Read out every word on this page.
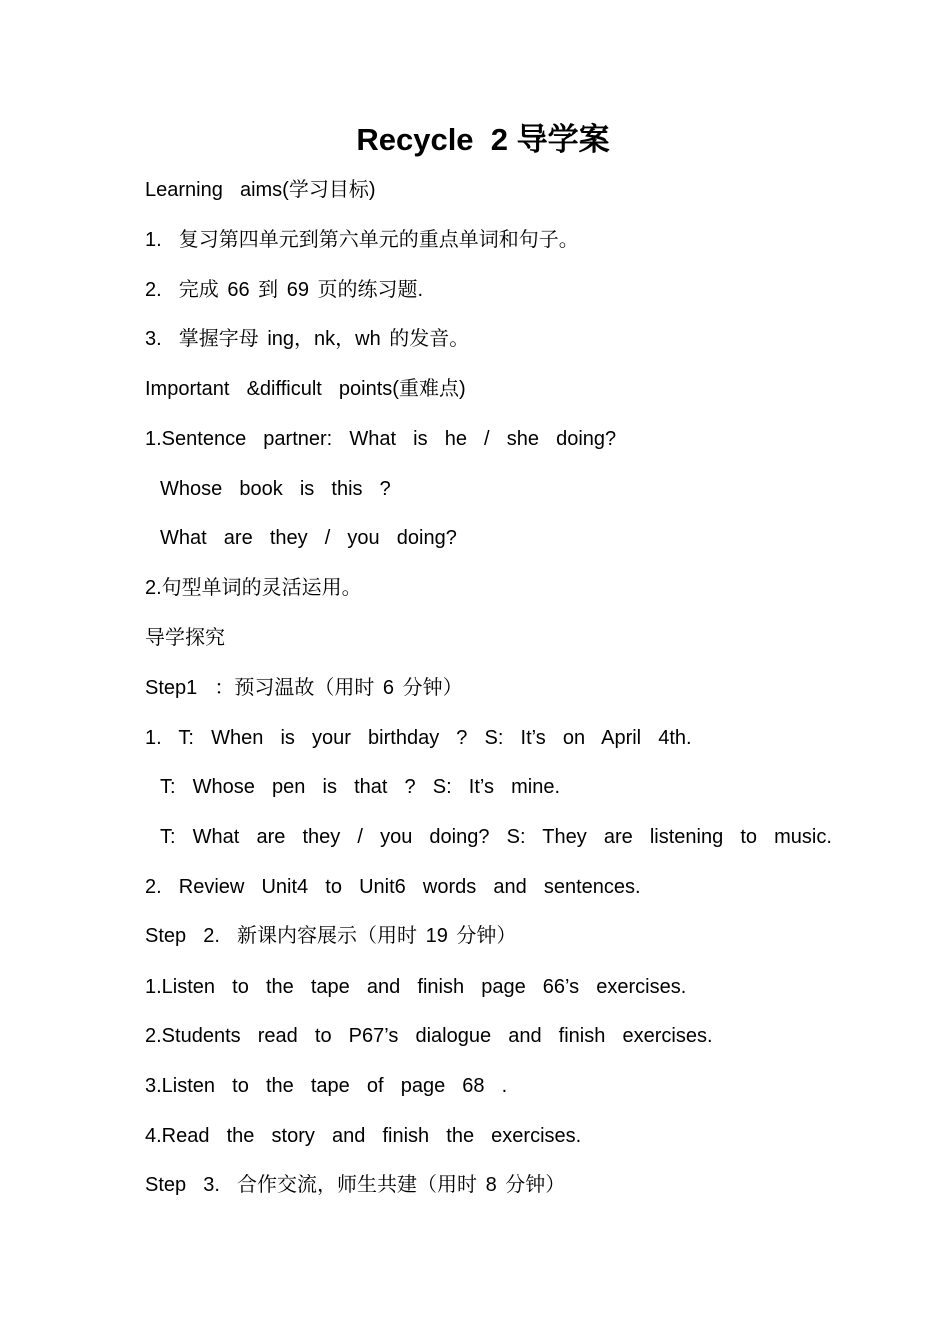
Recycle  2 导学案
Learning  aims(学习目标)
1.  复习第四单元到第六单元的重点单词和句子。
2.  完成 66 到 69 页的练习题.
3.  掌握字母 ing，nk，wh 的发音。
Important  &difficult  points(重难点)
1.Sentence  partner:  What  is  he  /  she  doing?
Whose  book  is  this  ?
What  are  they  /  you  doing?
2.句型单词的灵活运用。
导学探究
Step1  ：预习温故（用时 6 分钟）
1.  T:  When  is  your  birthday  ?  S:  It’s  on  April  4th.
T:  Whose  pen  is  that  ?  S:  It’s  mine.
T:  What  are  they  /  you  doing?  S:  They  are  listening  to  music.
2.  Review  Unit4  to  Unit6  words  and  sentences.
Step  2.  新课内容展示（用时 19 分钟）
1.Listen  to  the  tape  and  finish  page  66’s  exercises.
2.Students  read  to  P67’s  dialogue  and  finish  exercises.
3.Listen  to  the  tape  of  page  68  .
4.Read  the  story  and  finish  the  exercises.
Step  3.  合作交流，师生共建（用时 8 分钟）
